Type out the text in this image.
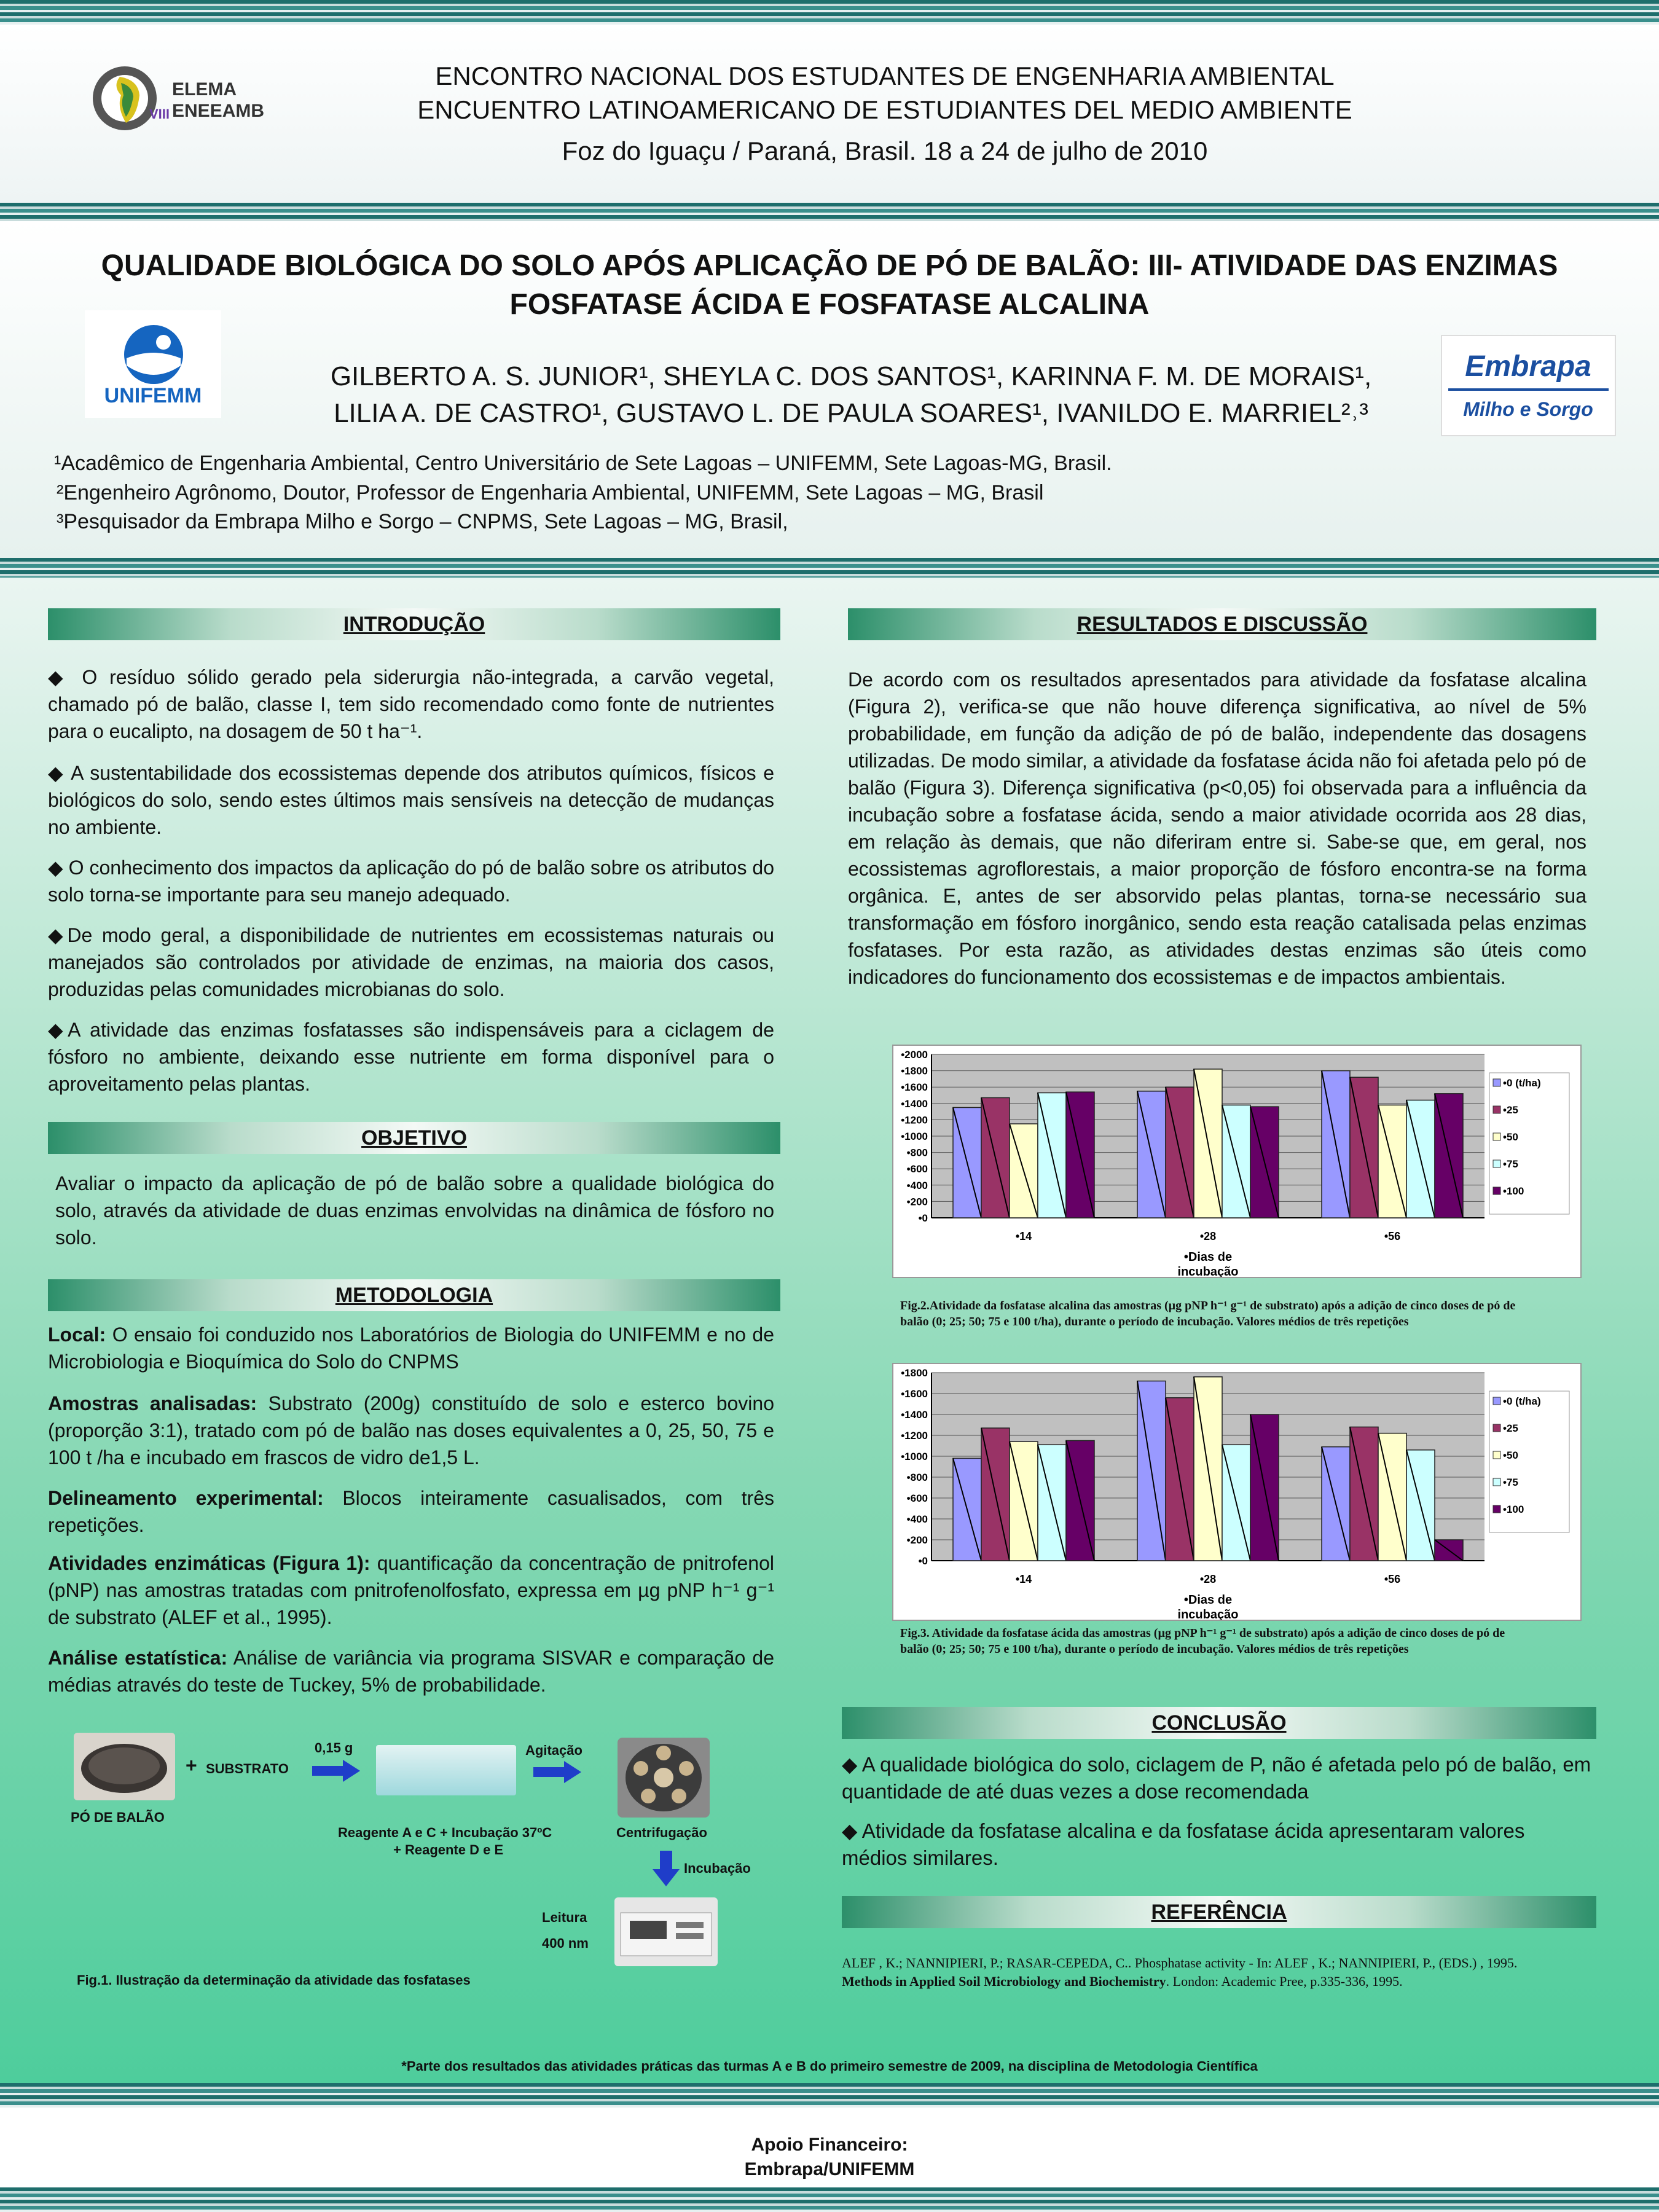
ELEMA
ENEEAMB
VIII
ENCONTRO NACIONAL DOS ESTUDANTES DE ENGENHARIA AMBIENTAL
ENCUENTRO LATINOAMERICANO DE ESTUDIANTES DEL MEDIO AMBIENTE
Foz do Iguaçu / Paraná, Brasil. 18 a 24 de julho de 2010
QUALIDADE BIOLÓGICA DO SOLO APÓS APLICAÇÃO DE PÓ DE BALÃO: III- ATIVIDADE DAS ENZIMAS
FOSFATASE ÁCIDA E FOSFATASE ALCALINA
GILBERTO A. S. JUNIOR¹, SHEYLA C. DOS SANTOS¹, KARINNA F. M. DE MORAIS¹,
LILIA A. DE CASTRO¹, GUSTAVO L. DE PAULA SOARES¹, IVANILDO E. MARRIEL²˒³
¹Acadêmico de Engenharia Ambiental, Centro Universitário de Sete Lagoas – UNIFEMM, Sete Lagoas-MG, Brasil.
²Engenheiro Agrônomo, Doutor, Professor de Engenharia Ambiental, UNIFEMM, Sete Lagoas – MG, Brasil
³Pesquisador da Embrapa Milho e Sorgo – CNPMS, Sete Lagoas – MG, Brasil,
UNIFEMM
Embrapa
Milho e Sorgo
INTRODUÇÃO
◆ O resíduo sólido gerado pela siderurgia não-integrada, a carvão vegetal, chamado pó de balão, classe I, tem sido recomendado como fonte de nutrientes para o eucalipto, na dosagem de 50 t ha⁻¹.
◆ A sustentabilidade dos ecossistemas depende dos atributos químicos, físicos e biológicos do solo, sendo estes últimos mais sensíveis na detecção de mudanças no ambiente.
◆ O conhecimento dos impactos da aplicação do pó de balão sobre os atributos do solo torna-se importante para seu manejo adequado.
◆De modo geral, a disponibilidade de nutrientes em ecossistemas naturais ou manejados são controlados por atividade de enzimas, na maioria dos casos, produzidas pelas comunidades microbianas do solo.
◆A atividade das enzimas fosfatasses são indispensáveis para a ciclagem de fósforo no ambiente, deixando esse nutriente em forma disponível para o aproveitamento pelas plantas.
OBJETIVO
Avaliar o impacto da aplicação de pó de balão sobre a qualidade biológica do solo, através da atividade de duas enzimas envolvidas na dinâmica de fósforo no solo.
METODOLOGIA
Local: O ensaio foi conduzido nos Laboratórios de Biologia do UNIFEMM e no de Microbiologia e Bioquímica do Solo do CNPMS
Amostras analisadas: Substrato (200g) constituído de solo e esterco bovino (proporção 3:1), tratado com pó de balão nas doses equivalentes a 0, 25, 50, 75 e 100 t /ha e incubado em frascos de vidro de1,5 L.
Delineamento experimental: Blocos inteiramente casualisados, com três repetições.
Atividades enzimáticas (Figura 1): quantificação da concentração de pnitrofenol (pNP) nas amostras tratadas com pnitrofenolfosfato, expressa em µg pNP h⁻¹ g⁻¹ de substrato (ALEF et al., 1995).
Análise estatística: Análise de variância via programa SISVAR e comparação de médias através do teste de Tuckey, 5% de probabilidade.
+ SUBSTRATO
PÓ DE BALÃO
0,15 g	Agitação
Reagente A e C + Incubação 37ºC
+ Reagente D e E
Centrifugação
Incubação
Leitura
400 nm
Fig.1. Ilustração da determinação da atividade das fosfatases
RESULTADOS E DISCUSSÃO
De acordo com os resultados apresentados para atividade da fosfatase alcalina (Figura 2), verifica-se que não houve diferença significativa, ao nível de 5% probabilidade, em função da adição de pó de balão, independente das dosagens utilizadas. De modo similar, a atividade da fosfatase ácida não foi afetada pelo pó de balão (Figura 3). Diferença significativa (p<0,05) foi observada para a influência da incubação sobre a fosfatase ácida, sendo a maior atividade ocorrida aos 28 dias, em relação às demais, que não diferiram entre si. Sabe-se que, em geral, nos ecossistemas agroflorestais, a maior proporção de fósforo encontra-se na forma orgânica. E, antes de ser absorvido pelas plantas, torna-se necessário sua transformação em fósforo inorgânico, sendo esta reação catalisada pelas enzimas fosfatases. Por esta razão, as atividades destas enzimas são úteis como indicadores do funcionamento dos ecossistemas e de impactos ambientais.
•2000
•1800
•1600
•1400
•1200
•1000
•800
•600
•400
•200
•0
•14	•28	•56
•Dias de
incubação
•0 (t/ha)
•25
•50
•75
•100
Fig.2.Atividade da fosfatase alcalina das amostras (µg pNP h⁻¹ g⁻¹ de substrato) após a adição de cinco doses de pó de balão (0; 25; 50; 75 e 100 t/ha), durante o período de incubação. Valores médios de três repetições
•1800
•1600
•1400
•1200
•1000
•800
•600
•400
•200
•0
•14	•28	•56
•Dias de
incubação
•0 (t/ha)
•25
•50
•75
•100
Fig.3. Atividade da fosfatase ácida das amostras (µg pNP h⁻¹ g⁻¹ de substrato) após a adição de cinco doses de pó de balão (0; 25; 50; 75 e 100 t/ha), durante o período de incubação. Valores médios de três repetições
CONCLUSÃO
◆ A qualidade biológica do solo, ciclagem de P, não é afetada pelo pó de balão, em quantidade de até duas vezes a dose recomendada
◆ Atividade da fosfatase alcalina e da fosfatase ácida apresentaram valores médios similares.
REFERÊNCIA
ALEF , K.; NANNIPIERI, P.; RASAR-CEPEDA, C.. Phosphatase activity - In: ALEF , K.; NANNIPIERI, P., (EDS.) , 1995.
Methods in Applied Soil Microbiology and Biochemistry. London: Academic Pree, p.335-336, 1995.
*Parte dos resultados das atividades práticas das turmas A e B do primeiro semestre de 2009, na disciplina de Metodologia Científica
Apoio Financeiro:
Embrapa/UNIFEMM
